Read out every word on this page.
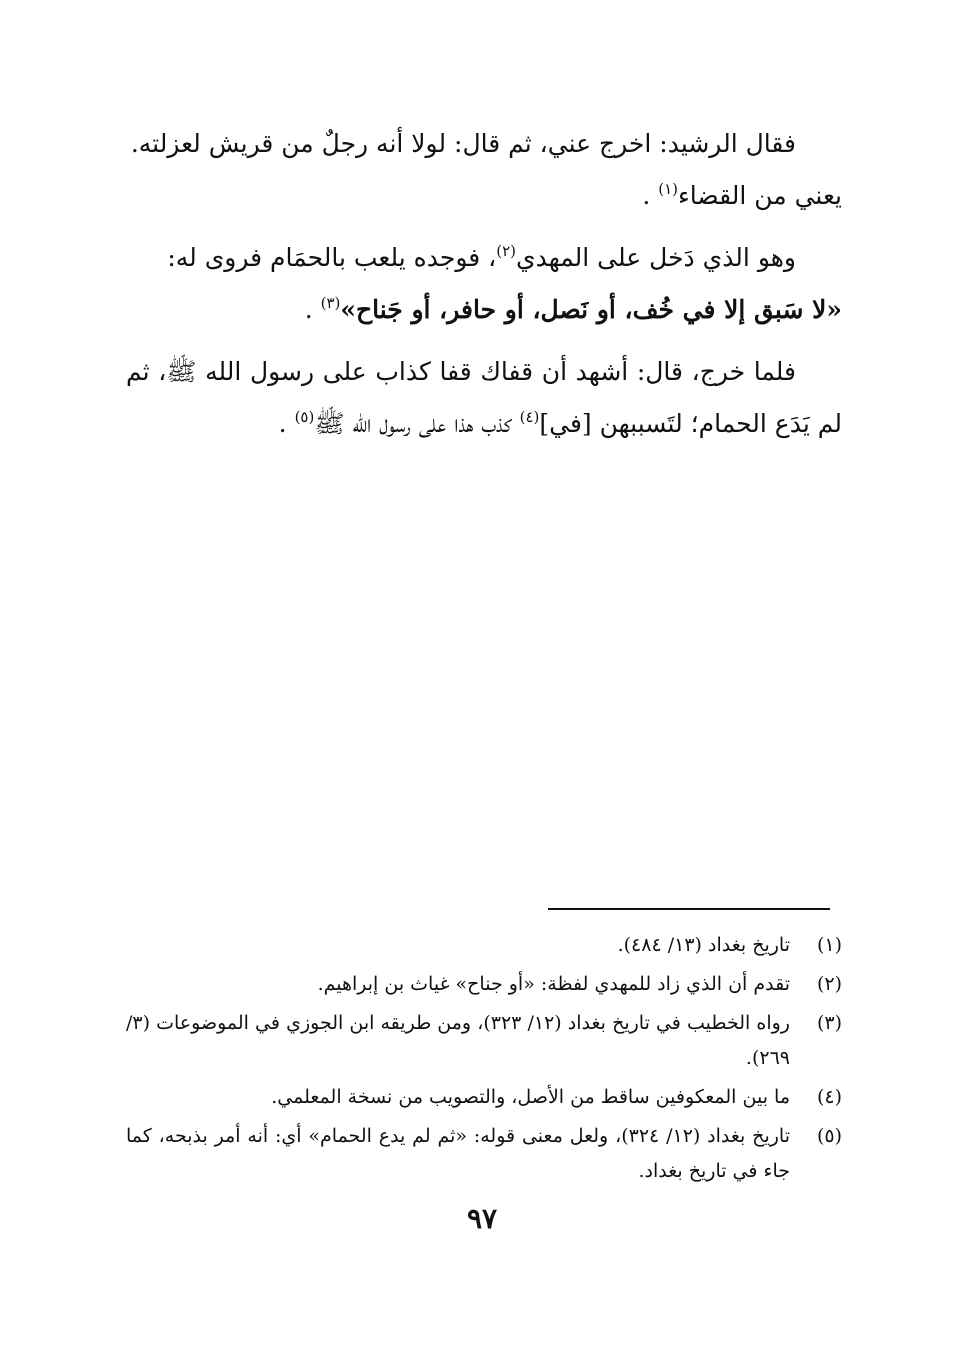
فقال الرشيد: اخرج عني، ثم قال: لولا أنه رجلٌ من قريش لعزلته.
يعني من القضاء$^{(١)}$ .

وهو الذي دَخل على المهدي$^{(٢)}$، فوجده يلعب بالحمَام فروى له:
«لا سَبق إلا في خُف، أو نَصل، أو حافر، أو جَناح»$^{(٣)}$ .

فلما خرج، قال: أشهد أن قفاك قفا كذاب على رسول الله ﷺ، ثم لم يَدَع الحمام؛ لتَسببهن [في]$^{(٤)}$ كذب هذا على رسول الله ﷺ$^{(٥)}$ .

(١)
تاريخ بغداد (١٣/ ٤٨٤).
(٢)
تقدم أن الذي زاد للمهدي لفظة: «أو جناح» غياث بن إبراهيم.
(٣)
رواه الخطيب في تاريخ بغداد (١٢/ ٣٢٣)، ومن طريقه ابن الجوزي في الموضوعات (٣/ ٢٦٩).
(٤)
ما بين المعكوفين ساقط من الأصل، والتصويب من نسخة المعلمي.
(٥)
تاريخ بغداد (١٢/ ٣٢٤)، ولعل معنى قوله: «ثم لم يدع الحمام» أي: أنه أمر بذبحه، كما جاء في تاريخ بغداد.
٩٧
